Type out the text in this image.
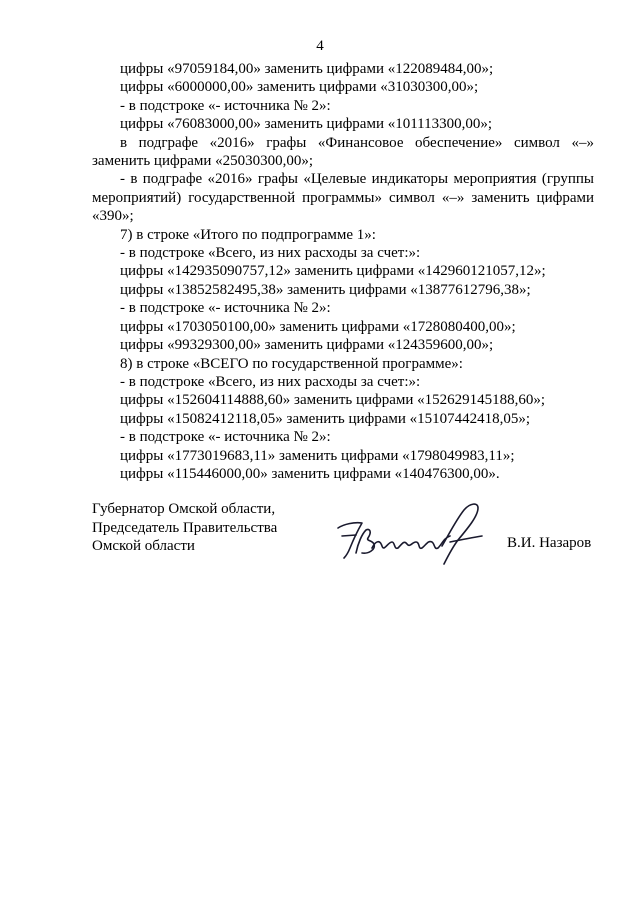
4

цифры «97059184,00» заменить цифрами «122089484,00»;

цифры «6000000,00» заменить цифрами «31030300,00»;

- в подстроке «- источника № 2»:

цифры «76083000,00» заменить цифрами «101113300,00»;

в подграфе «2016» графы «Финансовое обеспечение» символ «–» заменить цифрами «25030300,00»;

- в подграфе «2016» графы «Целевые индикаторы мероприятия (группы мероприятий) государственной программы» символ «–» заменить цифрами «390»;

7) в строке «Итого по подпрограмме 1»:

- в подстроке «Всего, из них расходы за счет:»:

цифры «142935090757,12» заменить цифрами «142960121057,12»;

цифры «13852582495,38» заменить цифрами «13877612796,38»;

- в подстроке «- источника № 2»:

цифры «1703050100,00» заменить цифрами «1728080400,00»;

цифры «99329300,00» заменить цифрами «124359600,00»;

8) в строке «ВСЕГО по государственной программе»:

- в подстроке «Всего, из них расходы за счет:»:

цифры «152604114888,60» заменить цифрами «152629145188,60»;

цифры «15082412118,05» заменить цифрами «15107442418,05»;

- в подстроке «- источника № 2»:

цифры «1773019683,11» заменить цифрами «1798049983,11»;

цифры «115446000,00» заменить цифрами «140476300,00».

Губернатор Омской области,
Председатель Правительства
Омской области	В.И. Назаров
